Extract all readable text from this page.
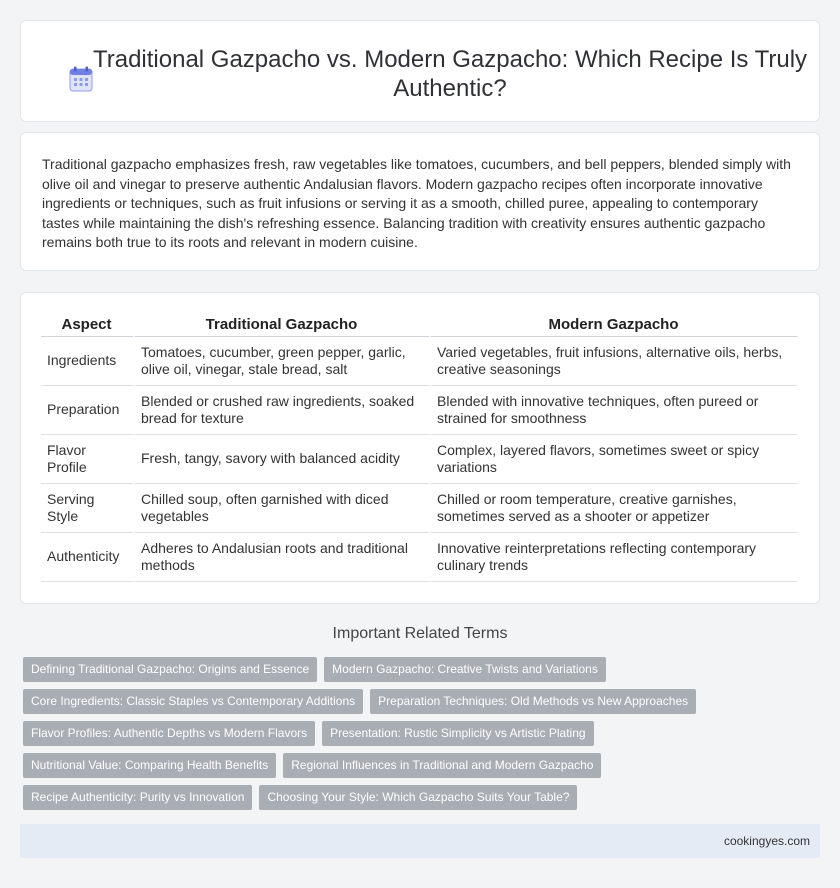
Traditional Gazpacho vs. Modern Gazpacho: Which Recipe Is Truly Authentic?

Traditional gazpacho emphasizes fresh, raw vegetables like tomatoes, cucumbers, and bell peppers, blended simply with olive oil and vinegar to preserve authentic Andalusian flavors. Modern gazpacho recipes often incorporate innovative ingredients or techniques, such as fruit infusions or serving it as a smooth, chilled puree, appealing to contemporary tastes while maintaining the dish's refreshing essence. Balancing tradition with creativity ensures authentic gazpacho remains both true to its roots and relevant in modern cuisine.

Aspect	Traditional Gazpacho	Modern Gazpacho
Ingredients	Tomatoes, cucumber, green pepper, garlic, olive oil, vinegar, stale bread, salt	Varied vegetables, fruit infusions, alternative oils, herbs, creative seasonings
Preparation	Blended or crushed raw ingredients, soaked bread for texture	Blended with innovative techniques, often pureed or strained for smoothness
Flavor Profile	Fresh, tangy, savory with balanced acidity	Complex, layered flavors, sometimes sweet or spicy variations
Serving Style	Chilled soup, often garnished with diced vegetables	Chilled or room temperature, creative garnishes, sometimes served as a shooter or appetizer
Authenticity	Adheres to Andalusian roots and traditional methods	Innovative reinterpretations reflecting contemporary culinary trends
Important Related Terms
Defining Traditional Gazpacho: Origins and Essence	Modern Gazpacho: Creative Twists and Variations
Core Ingredients: Classic Staples vs Contemporary Additions	Preparation Techniques: Old Methods vs New Approaches
Flavor Profiles: Authentic Depths vs Modern Flavors	Presentation: Rustic Simplicity vs Artistic Plating
Nutritional Value: Comparing Health Benefits	Regional Influences in Traditional and Modern Gazpacho
Recipe Authenticity: Purity vs Innovation	Choosing Your Style: Which Gazpacho Suits Your Table?
cookingyes.com
